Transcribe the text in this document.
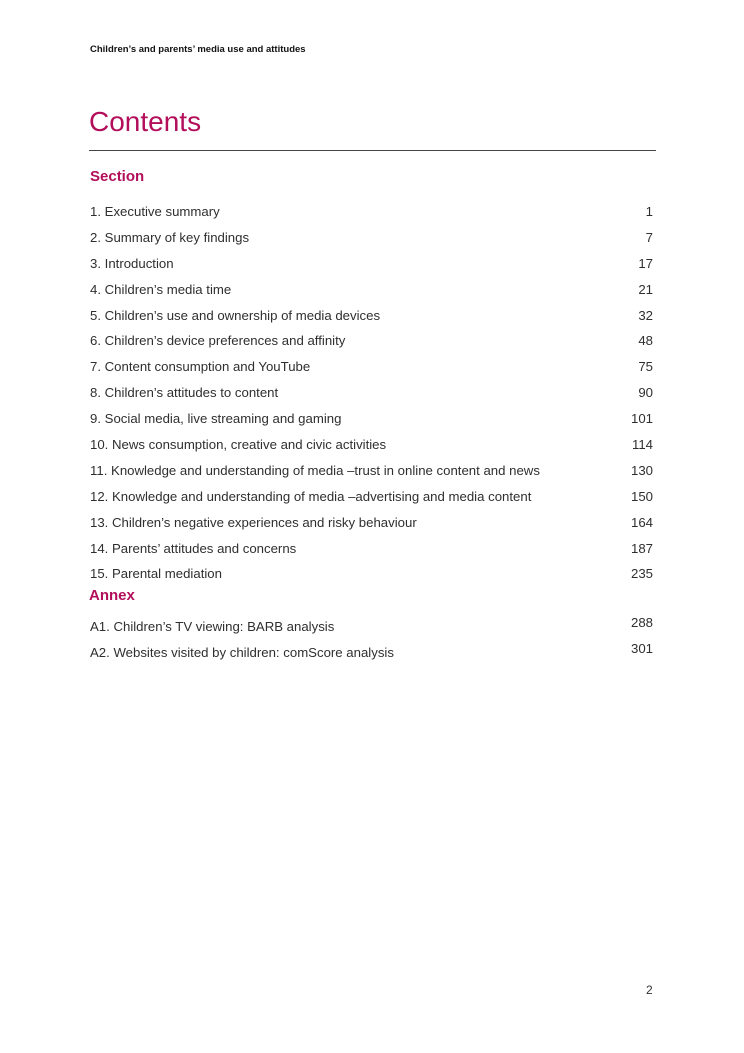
Children’s and parents’ media use and attitudes
Contents
Section
1. Executive summary	1
2. Summary of key findings	7
3. Introduction	17
4. Children’s media time	21
5. Children’s use and ownership of media devices	32
6. Children’s device preferences and affinity	48
7. Content consumption and YouTube	75
8. Children’s attitudes to content	90
9. Social media, live streaming and gaming	101
10. News consumption, creative and civic activities	114
11. Knowledge and understanding of media –trust in online content and news	130
12. Knowledge and understanding of media –advertising and media content	150
13. Children’s negative experiences and risky behaviour	164
14. Parents’ attitudes and concerns	187
15. Parental mediation	235
Annex
A1. Children’s TV viewing: BARB analysis	288
A2. Websites visited by children: comScore analysis	301
2
